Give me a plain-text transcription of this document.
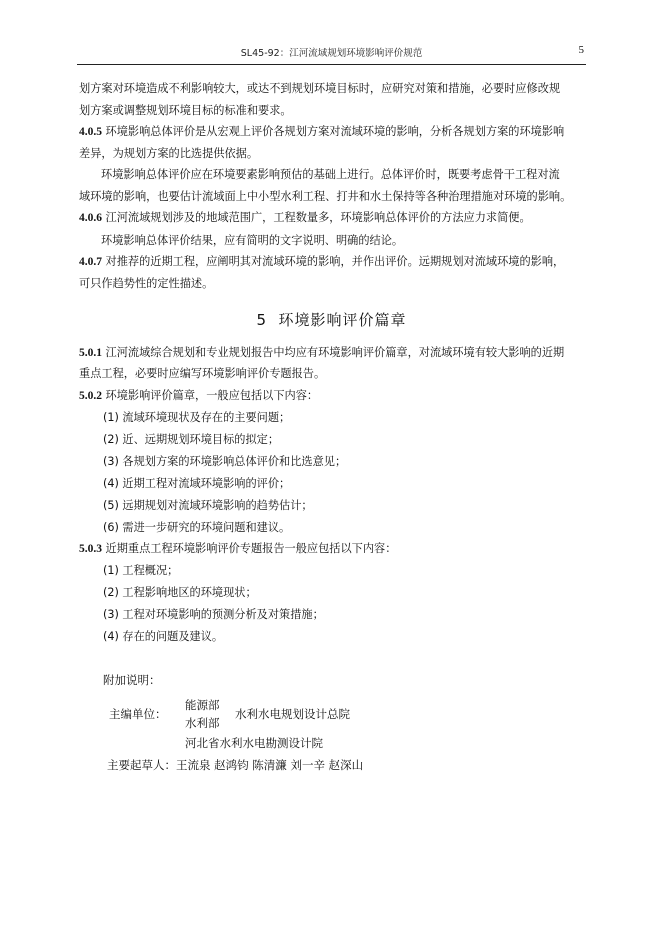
SL45-92：江河流域规划环境影响评价规范	5
划方案对环境造成不利影响较大，或达不到规划环境目标时，应研究对策和措施，必要时应修改规
划方案或调整规划环境目标的标准和要求。
4.0.5 环境影响总体评价是从宏观上评价各规划方案对流域环境的影响，分析各规划方案的环境影响
差异，为规划方案的比选提供依据。
环境影响总体评价应在环境要素影响预估的基础上进行。总体评价时，既要考虑骨干工程对流
域环境的影响，也要估计流域面上中小型水利工程、打井和水土保持等各种治理措施对环境的影响。
4.0.6 江河流域规划涉及的地域范围广，工程数量多，环境影响总体评价的方法应力求简便。
环境影响总体评价结果，应有简明的文字说明、明确的结论。
4.0.7 对推荐的近期工程，应阐明其对流域环境的影响，并作出评价。远期规划对流域环境的影响，
可只作趋势性的定性描述。
5 环境影响评价篇章
5.0.1 江河流域综合规划和专业规划报告中均应有环境影响评价篇章，对流域环境有较大影响的近期
重点工程，必要时应编写环境影响评价专题报告。
5.0.2 环境影响评价篇章，一般应包括以下内容：
(1) 流域环境现状及存在的主要问题；
(2) 近、远期规划环境目标的拟定；
(3) 各规划方案的环境影响总体评价和比选意见；
(4) 近期工程对流域环境影响的评价；
(5) 远期规划对流域环境影响的趋势估计；
(6) 需进一步研究的环境问题和建议。
5.0.3 近期重点工程环境影响评价专题报告一般应包括以下内容：
(1) 工程概况；
(2) 工程影响地区的环境现状；
(3) 工程对环境影响的预测分析及对策措施；
(4) 存在的问题及建议。
附加说明：
主编单位：
能源部
水利部
水利水电规划设计总院
河北省水利水电勘测设计院
主要起草人：王流泉 赵鸿钧 陈清濂 刘一辛 赵深山
